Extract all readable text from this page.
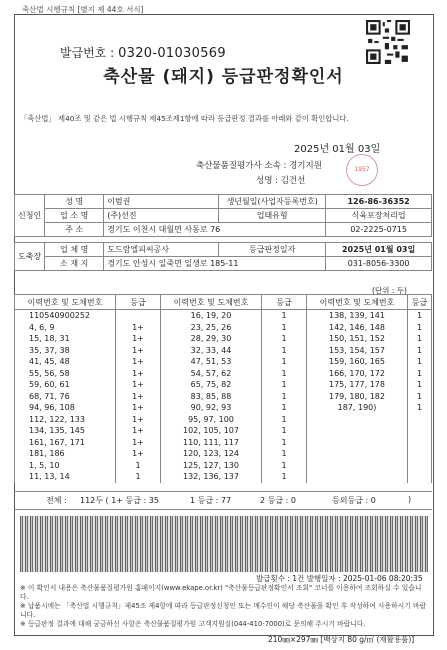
축산법 시행규칙 [별지 제 44호 서식]
발급번호 : 0320-01030569
축산물 (돼지) 등급판정확인서
「축산법」 제40조 및 같은 법 시행규칙 제45조제1항에 따라 등급판정 결과를 아래와 같이 확인합니다.
2025년 01월 03일
축산물품질평가사 소속 : 경기지원
성명 : 김건선
1957
신청인	성 명	이범권	생년월일(사업자등록번호)	126-86-36352
	업 소 명	(주)선진	업태유형	식육포장처리업
	주 소	경기도 이천시 대월면 사동로 76		02-2225-0715
도축장	업 체 명	도드람엘피씨공사	등급판정일자	2025년 01월 03일
	소 재 지	경기도 안성시 일죽면 일생로 185-11		031-8056-3300
(단위 : 두)
이력번호 및 도체번호	등급	이력번호 및 도체번호	등급	이력번호 및 도체번호	등급
110540900252		16, 19, 20	1	138, 139, 141	1
4, 6, 9	1+	23, 25, 26	1	142, 146, 148	1
15, 18, 31	1+	28, 29, 30	1	150, 151, 152	1
35, 37, 38	1+	32, 33, 44	1	153, 154, 157	1
41, 45, 48	1+	47, 51, 53	1	159, 160, 165	1
55, 56, 58	1+	54, 57, 62	1	166, 170, 172	1
59, 60, 61	1+	65, 75, 82	1	175, 177, 178	1
68, 71, 76	1+	83, 85, 88	1	179, 180, 182	1
94, 96, 108	1+	90, 92, 93	1	187, 190)	1
112, 122, 133	1+	95, 97, 100	1		
134, 135, 145	1+	102, 105, 107	1		
161, 167, 171	1+	110, 111, 117	1		
181, 186	1+	120, 123, 124	1		
1, 5, 10	1	125, 127, 130	1		
11, 13, 14	1	132, 136, 137	1		
전체 : 112두 ( 1+ 등급 : 35	1 등급 : 77	2 등급 : 0	등외등급 : 0	)
발급횟수 : 1건 발행일자 : 2025-01-06 08:20:35
※ 이 확인서 내용은 축산물품질평가원 홈페이지(www.ekape.or.kr) "축산물등급판정확인서 조회" 코너를 이용하여 조회하실 수 있습니다.
※ 납품시에는 「축산법 시행규칙」제45조 제4항에 따라 등급판정신청인 또는 매수인이 해당 축산물을 확인 후 작성하여 사용하시기 바랍니다.
※ 등급판정 결과에 대해 궁금하신 사항은 축산물품질평가원 고객지원실(044-410-7000)로 문의해 주시기 바랍니다.
210㎜×297㎜ [백상지 80 g/㎡ (재활용품)]
